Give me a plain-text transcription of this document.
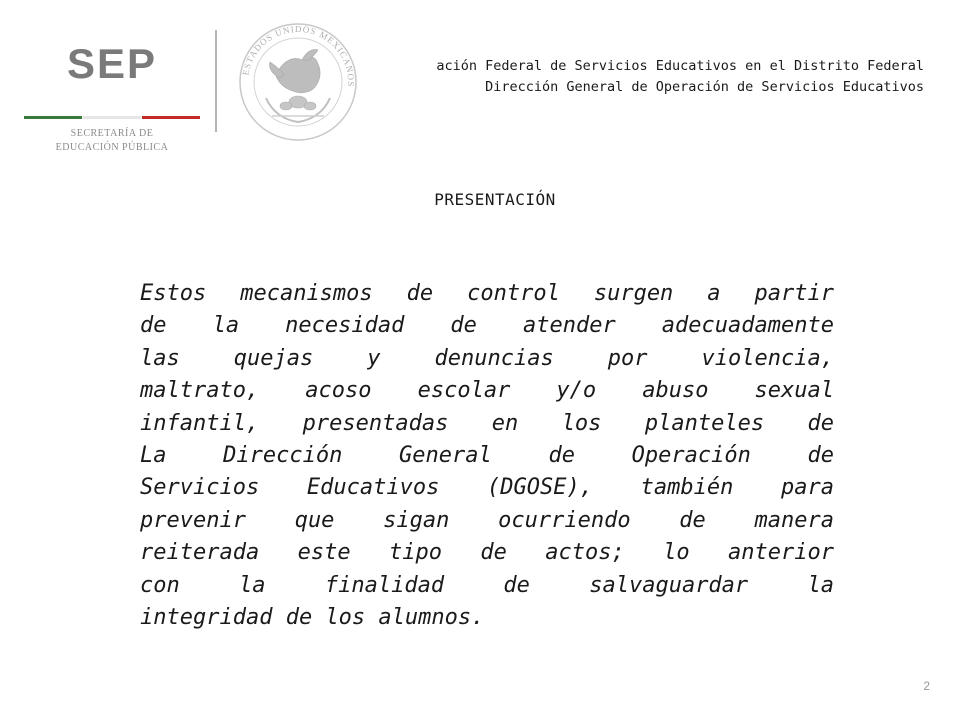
SEP
SECRETARÍA DE
EDUCACIÓN PÚBLICA
ESTADOS UNIDOS MEXICANOS
ación Federal de Servicios Educativos en el Distrito Federal
Dirección General de Operación de Servicios Educativos
PRESENTACIÓN
Estos mecanismos de control surgen a partir
de la necesidad de atender adecuadamente
las quejas y denuncias por violencia,
maltrato, acoso escolar y/o abuso sexual
infantil, presentadas en los planteles de
La Dirección General de Operación de
Servicios Educativos (DGOSE), también para
prevenir que sigan ocurriendo de manera
reiterada este tipo de actos; lo anterior
con la finalidad de salvaguardar la
integridad de los alumnos.
2
